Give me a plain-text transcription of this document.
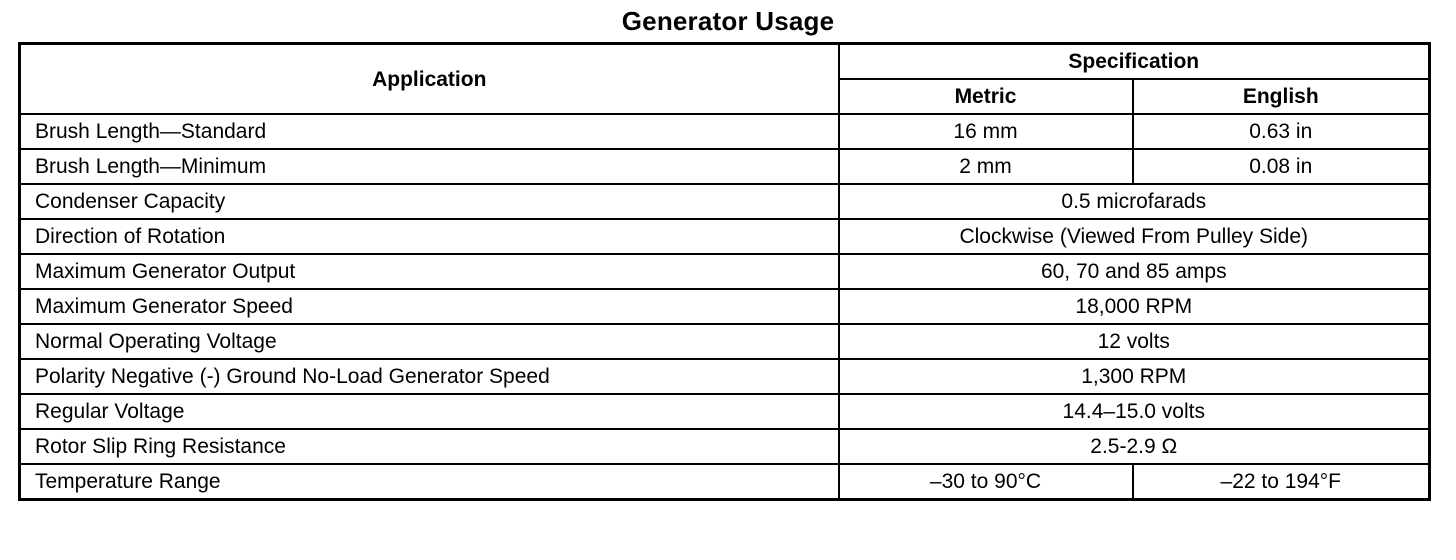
Generator Usage
Application	Specification	
	Metric	English
Brush Length—Standard	16 mm	0.63 in
Brush Length—Minimum	2 mm	0.08 in
Condenser Capacity	0.5 microfarads	
Direction of Rotation	Clockwise (Viewed From Pulley Side)	
Maximum Generator Output	60, 70 and 85 amps	
Maximum Generator Speed	18,000 RPM	
Normal Operating Voltage	12 volts	
Polarity Negative (-) Ground No-Load Generator Speed	1,300 RPM	
Regular Voltage	14.4–15.0 volts	
Rotor Slip Ring Resistance	2.5-2.9 Ω	
Temperature Range	–30 to 90°C	–22 to 194°F
